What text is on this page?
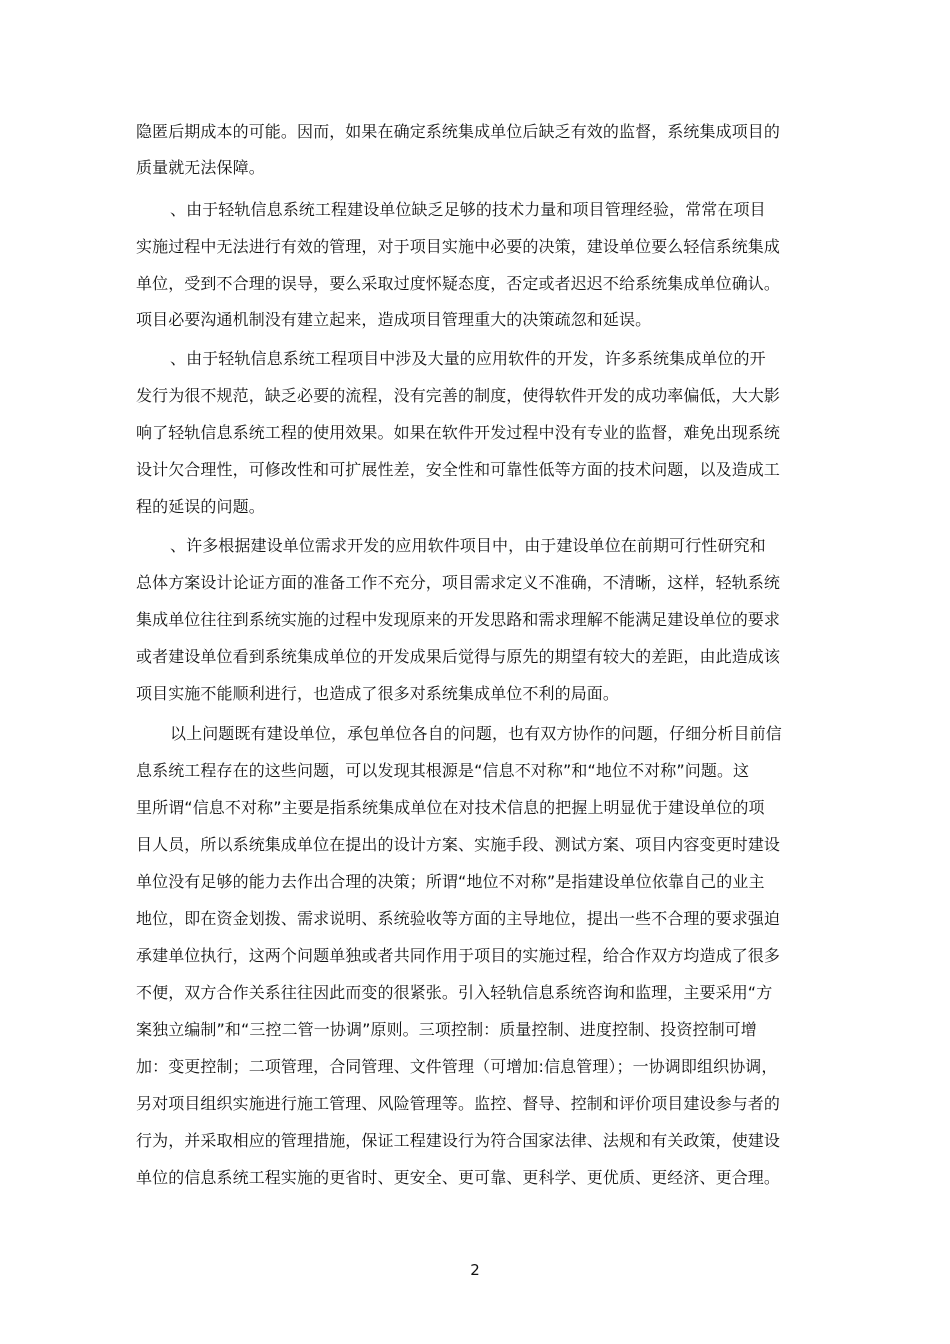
隐匿后期成本的可能。因而，如果在确定系统集成单位后缺乏有效的监督，系统集成项目的
质量就无法保障。
、由于轻轨信息系统工程建设单位缺乏足够的技术力量和项目管理经验，常常在项目
实施过程中无法进行有效的管理，对于项目实施中必要的决策，建设单位要么轻信系统集成
单位，受到不合理的误导，要么采取过度怀疑态度，否定或者迟迟不给系统集成单位确认。
项目必要沟通机制没有建立起来，造成项目管理重大的决策疏忽和延误。
、由于轻轨信息系统工程项目中涉及大量的应用软件的开发，许多系统集成单位的开
发行为很不规范，缺乏必要的流程，没有完善的制度，使得软件开发的成功率偏低，大大影
响了轻轨信息系统工程的使用效果。如果在软件开发过程中没有专业的监督，难免出现系统
设计欠合理性，可修改性和可扩展性差，安全性和可靠性低等方面的技术问题，以及造成工
程的延误的问题。
、许多根据建设单位需求开发的应用软件项目中，由于建设单位在前期可行性研究和
总体方案设计论证方面的准备工作不充分，项目需求定义不准确，不清晰，这样，轻轨系统
集成单位往往到系统实施的过程中发现原来的开发思路和需求理解不能满足建设单位的要求
或者建设单位看到系统集成单位的开发成果后觉得与原先的期望有较大的差距，由此造成该
项目实施不能顺利进行，也造成了很多对系统集成单位不利的局面。
以上问题既有建设单位，承包单位各自的问题，也有双方协作的问题，仔细分析目前信
息系统工程存在的这些问题，可以发现其根源是“信息不对称”和“地位不对称”问题。这
里所谓“信息不对称”主要是指系统集成单位在对技术信息的把握上明显优于建设单位的项
目人员，所以系统集成单位在提出的设计方案、实施手段、测试方案、项目内容变更时建设
单位没有足够的能力去作出合理的决策；所谓“地位不对称”是指建设单位依靠自己的业主
地位，即在资金划拨、需求说明、系统验收等方面的主导地位，提出一些不合理的要求强迫
承建单位执行，这两个问题单独或者共同作用于项目的实施过程，给合作双方均造成了很多
不便，双方合作关系往往因此而变的很紧张。引入轻轨信息系统咨询和监理，主要采用“方
案独立编制”和“三控二管一协调”原则。三项控制：质量控制、进度控制、投资控制可增
加：变更控制；二项管理，合同管理、文件管理（可增加:信息管理）；一协调即组织协调，
另对项目组织实施进行施工管理、风险管理等。监控、督导、控制和评价项目建设参与者的
行为，并采取相应的管理措施，保证工程建设行为符合国家法律、法规和有关政策，使建设
单位的信息系统工程实施的更省时、更安全、更可靠、更科学、更优质、更经济、更合理。
2
